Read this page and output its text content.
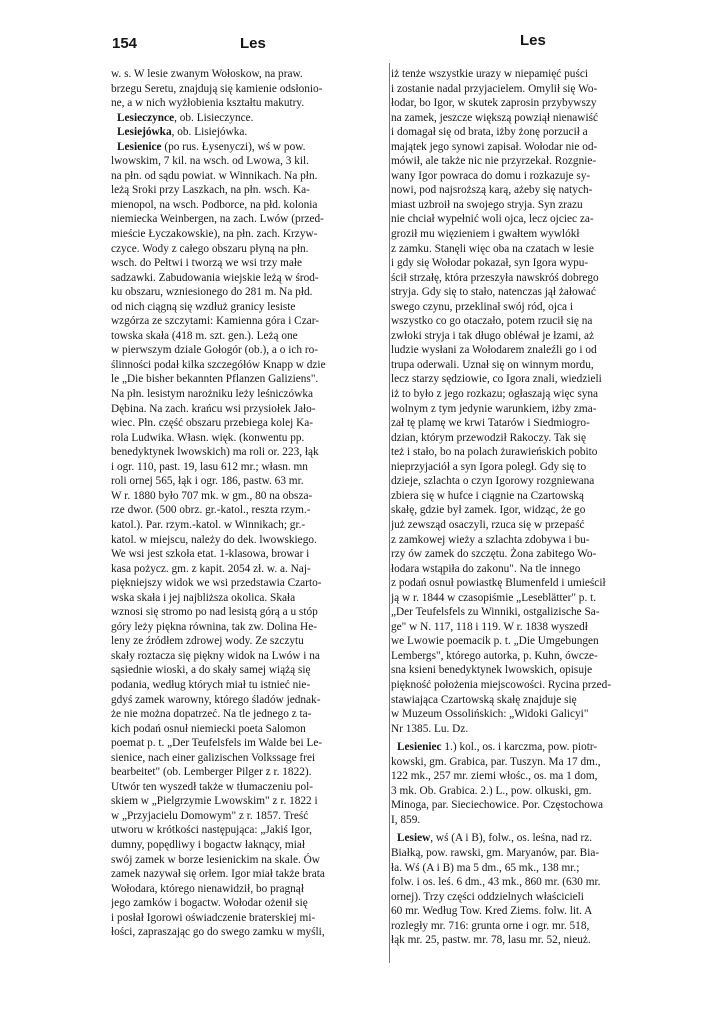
154	Les	Les
w. s. W lesie zwanym Wołoskow, na praw.
brzegu Seretu, znajdują się kamienie odsłonio-
ne, a w nich wyżłobienia kształtu makutry.
Lesieczynce, ob. Lisieczynce.
Lesiejówka, ob. Lisiejówka.
Lesienice (po rus. Łysenyczi), wś w pow.
lwowskim, 7 kil. na wsch. od Lwowa, 3 kil.
na płn. od sądu powiat. w Winnikach. Na płn.
leżą Sroki przy Laszkach, na płn. wsch. Ka-
mienopol, na wsch. Podborce, na płd. kolonia
niemiecka Weinbergen, na zach. Lwów (przed-
mieście Łyczakowskie), na płn. zach. Krzyw-
czyce. Wody z całego obszaru płyną na płn.
wsch. do Pełtwi i tworzą we wsi trzy małe
sadzawki. Zabudowania wiejskie leżą w środ-
ku obszaru, wzniesionego do 281 m. Na płd.
od nich ciągną się wzdłuż granicy lesiste
wzgórza ze szczytami: Kamienna góra i Czar-
towska skała (418 m. szt. gen.). Leżą one
w pierwszym dziale Gołogór (ob.), a o ich ro-
ślinności podał kilka szczegółów Knapp w dzie
le „Die bisher bekannten Pflanzen Galiziens".
Na płn. lesistym narożniku leży leśniczówka
Dębina. Na zach. krańcu wsi przysiołek Jało-
wiec. Płn. część obszaru przebiega kolej Ka-
rola Ludwika. Własn. więk. (konwentu pp.
benedyktynek lwowskich) ma roli or. 223, łąk
i ogr. 110, past. 19, lasu 612 mr.; własn. mn
roli ornej 565, łąk i ogr. 186, pastw. 63 mr.
W r. 1880 było 707 mk. w gm., 80 na obsza-
rze dwor. (500 obrz. gr.-katol., reszta rzym.-
katol.). Par. rzym.-katol. w Winnikach; gr.-
katol. w miejscu, należy do dek. lwowskiego.
We wsi jest szkoła etat. 1-klasowa, browar i
kasa pożycz. gm. z kapit. 2054 zł. w. a. Naj-
piękniejszy widok we wsi przedstawia Czarto-
wska skała i jej najbliższa okolica. Skała
wznosi się stromo po nad lesistą górą a u stóp
góry leży piękna równina, tak zw. Dolina He-
leny ze źródłem zdrowej wody. Ze szczytu
skały roztacza się piękny widok na Lwów i na
sąsiednie wioski, a do skały samej wiążą się
podania, według których miał tu istnieć nie-
gdyś zamek warowny, którego śladów jednak-
że nie można dopatrzeć. Na tle jednego z ta-
kich podań osnuł niemiecki poeta Salomon
poemat p. t. „Der Teufelsfels im Walde bei Le-
sienice, nach einer galizischen Volkssage frei
bearbeitet" (ob. Lemberger Pilger z r. 1822).
Utwór ten wyszedł także w tłumaczeniu pol-
skiem w „Pielgrzymie Lwowskim" z r. 1822 i
w „Przyjacielu Domowym" z r. 1857. Treść
utworu w krótkości następująca: „Jakiś Igor,
dumny, popędliwy i bogactw łaknący, miał
swój zamek w borze lesienickim na skale. Ów
zamek nazywał się orłem. Igor miał także brata
Wołodara, którego nienawidził, bo pragnął
jego zamków i bogactw. Wołodar ożenił się
i posłał Igorowi oświadczenie braterskiej mi-
łości, zapraszając go do swego zamku w myśli,
iż tenże wszystkie urazy w niepamięć puści
i zostanie nadal przyjacielem. Omylił się Wo-
łodar, bo Igor, w skutek zaprosin przybywszy
na zamek, jeszcze większą powziął nienawiść
i domagał się od brata, iżby żonę porzucił a
majątek jego synowi zapisał. Wołodar nie od-
mówił, ale także nic nie przyrzekał. Rozgnie-
wany Igor powraca do domu i rozkazuje sy-
nowi, pod najsroższą karą, ażeby się natych-
miast uzbroił na swojego stryja. Syn zrazu
nie chciał wypełnić woli ojca, lecz ojciec za-
groził mu więzieniem i gwałtem wywlókł
z zamku. Stanęli więc oba na czatach w lesie
i gdy się Wołodar pokazał, syn Igora wypu-
ścił strzałę, która przeszyła nawskróś dobrego
stryja. Gdy się to stało, natenczas jął żałować
swego czynu, przeklinał swój ród, ojca i
wszystko co go otaczało, potem rzucił się na
zwłoki stryja i tak długo obléwał je łzami, aż
ludzie wysłani za Wołodarem znaleźli go i od
trupa oderwali. Uznał się on winnym mordu,
lecz starzy sędziowie, co Igora znali, wiedzieli
iż to było z jego rozkazu; ogłaszają więc syna
wolnym z tym jedynie warunkiem, iżby zma-
zał tę plamę we krwi Tatarów i Siedmiogro-
dzian, którym przewodził Rakoczy. Tak się
też i stało, bo na polach żurawieńskich pobito
nieprzyjaciół a syn Igora poległ. Gdy się to
dzieje, szlachta o czyn Igorowy rozgniewana
zbiera się w hufce i ciągnie na Czartowską
skałę, gdzie był zamek. Igor, widząc, że go
już zewsząd osaczyli, rzuca się w przepaść
z zamkowej wieży a szlachta zdobywa i bu-
rzy ów zamek do szczętu. Żona zabitego Wo-
łodara wstąpiła do zakonu". Na tle innego
z podań osnuł powiastkę Blumenfeld i umieścił
ją w r. 1844 w czasopiśmie „Leseblätter" p. t.
„Der Teufelsfels zu Winniki, ostgalizische Sa-
ge" w N. 117, 118 i 119. W r. 1838 wyszedł
we Lwowie poemacik p. t. „Die Umgebungen
Lembergs", którego autorka, p. Kuhn, ówcze-
sna ksieni benedyktynek lwowskich, opisuje
piękność położenia miejscowości. Rycina przed-
stawiająca Czartowską skałę znajduje się
w Muzeum Ossolińskich: „Widoki Galicyi"
Nr 1385. Lu. Dz.
Lesieniec 1.) kol., os. i karczma, pow. piotr-
kowski, gm. Grabica, par. Tuszyn. Ma 17 dm.,
122 mk., 257 mr. ziemi włośc., os. ma 1 dom,
3 mk. Ob. Grabica. 2.) L., pow. olkuski, gm.
Minoga, par. Sieciechowice. Por. Częstochowa
I, 859.
Lesiew, wś (A i B), folw., os. leśna, nad rz.
Białką, pow. rawski, gm. Maryanów, par. Bia-
ła. Wś (A i B) ma 5 dm., 65 mk., 138 mr.;
folw. i os. leś. 6 dm., 43 mk., 860 mr. (630 mr.
ornej). Trzy części oddzielnych właścicieli
60 mr. Według Tow. Kred Ziems. folw. lit. A
rozległy mr. 716: grunta orne i ogr. mr. 518,
łąk mr. 25, pastw. mr. 78, lasu mr. 52, nieuż.
